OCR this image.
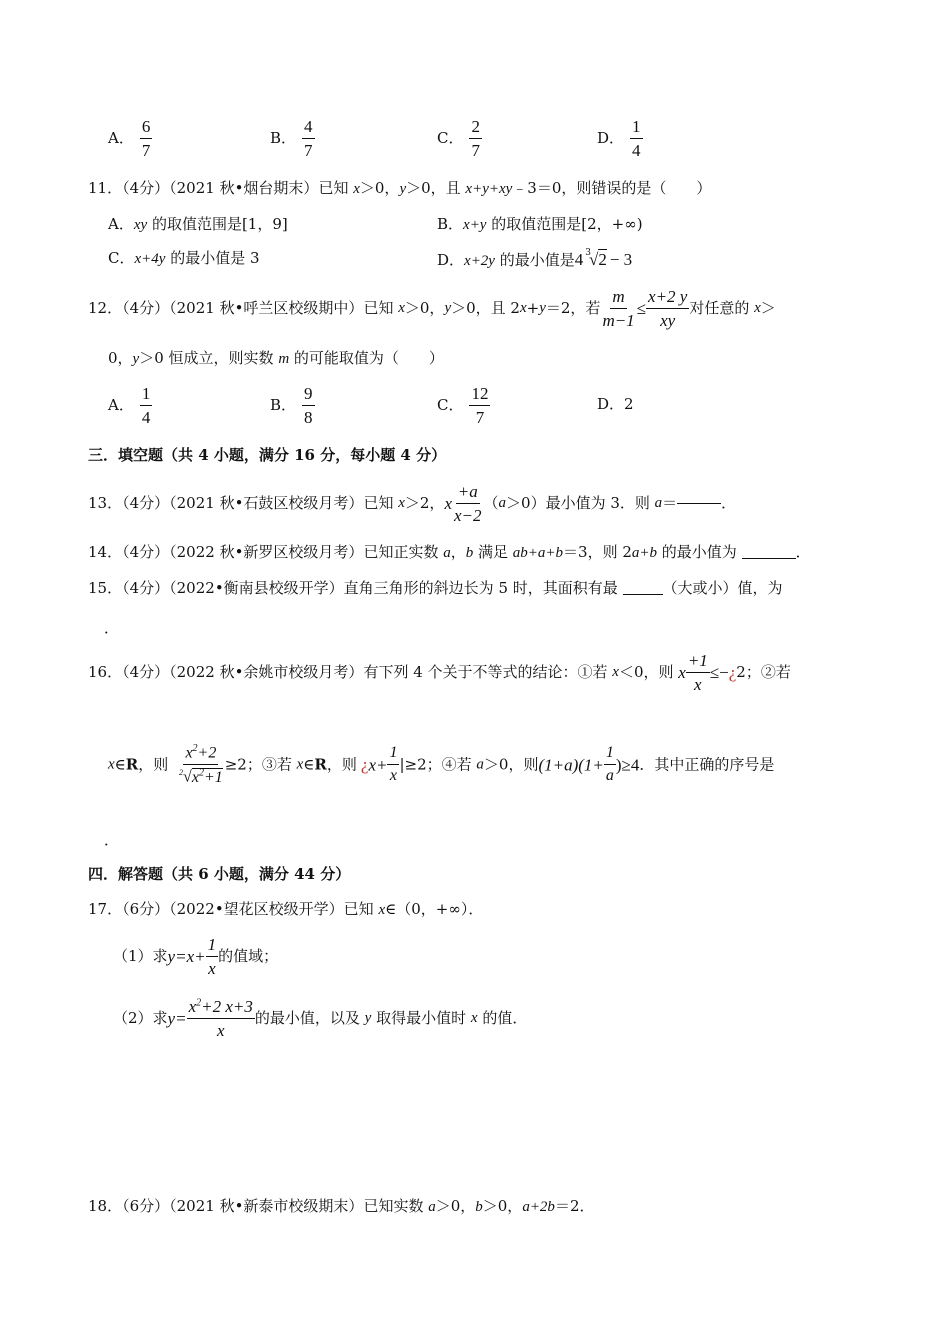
A． $\frac{6}{7}$	B． $\frac{4}{7}$	C． $\frac{2}{7}$	D． $\frac{1}{4}$
11．（4分）（2021 秋•烟台期末）已知 x＞0，y＞0，且 x+y+xy﹣3＝0，则错误的是（　　）
A．xy 的取值范围是[1，9]	B．x+y 的取值范围是[2，+∞)
C．x+4y 的最小值是 3	D．x+2y 的最小值是4 $^3$√2 − 3
12．（4分）（2021 秋•呼兰区校级期中）已知 x＞0，y＞0，且 2x+y＝2，若 $\frac{m}{m-1} \le \frac{x+2 y}{xy}$ 对任意的 x＞
0，y＞0 恒成立，则实数 m 的可能取值为（　　）
A． $\frac{1}{4}$	B． $\frac{9}{8}$	C． $\frac{12}{7}$	D．2
三．填空题（共 4 小题，满分 16 分，每小题 4 分）
13．（4分）（2021 秋•石鼓区校级月考）已知 x＞2，x $\frac{+a}{x-2} (a>0)$最小值为 3．则 a＝	．
14．（4分）（2022 秋•新罗区校级月考）已知正实数 a，b 满足 ab+a+b＝3，则 2a+b 的最小值为	．
15．（4分）（2022•衡南县校级开学）直角三角形的斜边长为 5 时，其面积有最	（大或小）值，为
．
16．（4分）（2022 秋•余姚市校级月考）有下列 4 个关于不等式的结论：①若 x＜0，则 x $\frac{+1}{x}$ ≤−¿2；②若
x∈R，则 $\frac{x^2+2}{^2√x^2+1} \ge 2$；③若 x∈R，则 ¿$x+ \frac{1}{x} |\ge 2$；④若 a＞0，则$(1+a)(1+ \frac{1}{a} )\ge 4$．其中正确的序号是
．
四．解答题（共 6 小题，满分 44 分）
17．（6分）（2022•望花区校级开学）已知 x∈（0，+∞）．
（1）求$y=x+ \frac{1}{x}$ 的值域；
（2）求$y= \frac{x^2+2 x+3}{x}$ 的最小值，以及 y 取得最小值时 x 的值．
18．（6分）（2021 秋•新泰市校级期末）已知实数 a＞0，b＞0，a+2b＝2．
